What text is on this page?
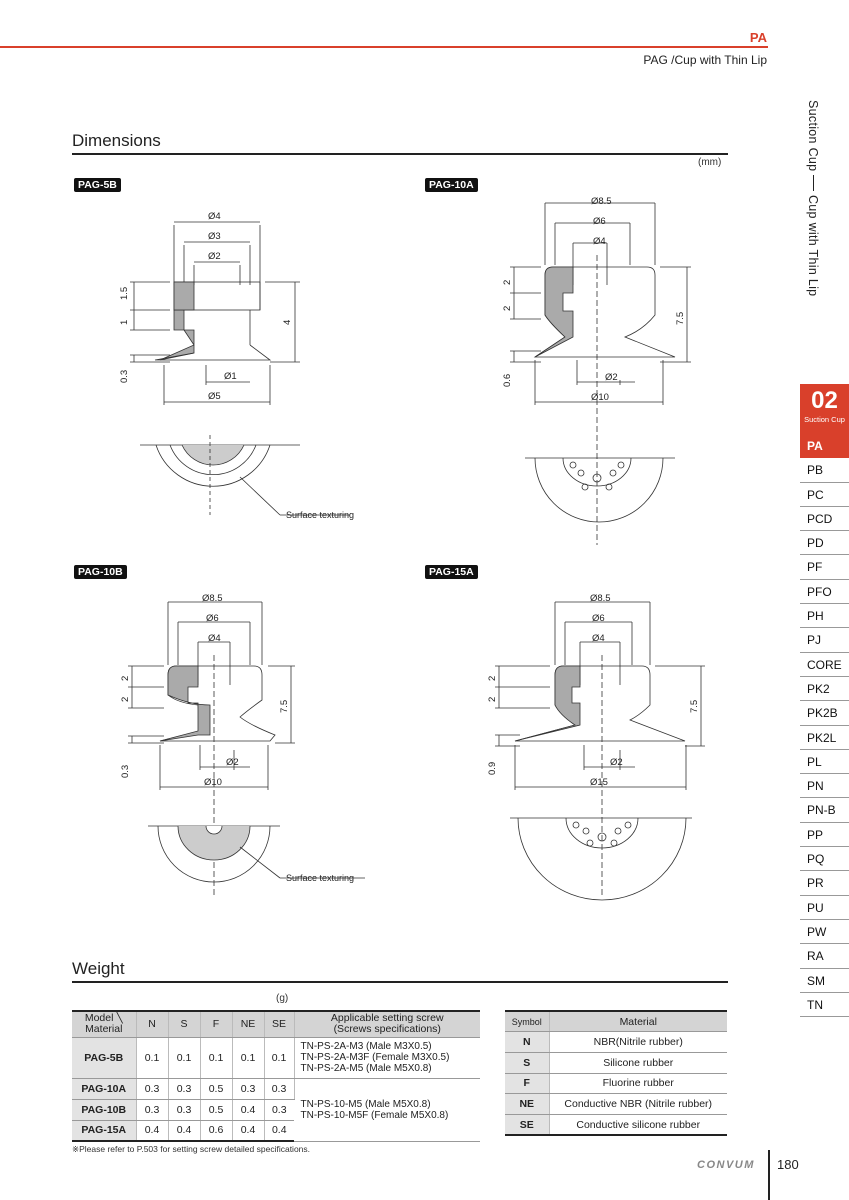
PA
PAG /Cup with Thin Lip
Suction Cup  Cup with Thin Lip
Dimensions
(mm)
PAG-5B	PAG-10A
PAG-10B	PAG-15A
Ø4
Ø3
Ø2
1.5
1
0.3
4
Ø1
Ø5
Surface texturing
Ø8.5
Ø6
Ø4
2
2
0.6
7.5
Ø2
Ø10
Ø8.5
Ø6
Ø4
2
2
0.3
7.5
Ø2
Ø10
Surface texturing
Ø8.5
Ø6
Ø4
2
2
0.9
7.5
Ø2
Ø15
Weight
(g)
Model ╲
Material	N	S	F	NE	SE	Applicable setting screw
(Screws specifications)
PAG-5B	0.1	0.1	0.1	0.1	0.1	TN-PS-2A-M3 (Male M3X0.5)
TN-PS-2A-M3F (Female M3X0.5)
TN-PS-2A-M5 (Male M5X0.8)

PAG-10A	0.3	0.3	0.5	0.3	0.3	TN-PS-10-M5 (Male M5X0.8)
TN-PS-10-M5F (Female M5X0.8)

PAG-10B	0.3	0.3	0.5	0.4	0.3	
PAG-15A	0.4	0.4	0.6	0.4	0.4	
Symbol	Material
N	NBR(Nitrile rubber)
S	Silicone rubber
F	Fluorine rubber
NE	Conductive NBR (Nitrile rubber)
SE	Conductive silicone rubber
※Please refer to P.503 for setting screw detailed specifications.
02
Suction Cup
PA
PB
PC
PCD
PD
PF
PFO
PH
PJ
CORE
PK2
PK2B
PK2L
PL
PN
PN-B
PP
PQ
PR
PU
PW
RA
SM
TN
CONVUM 180
